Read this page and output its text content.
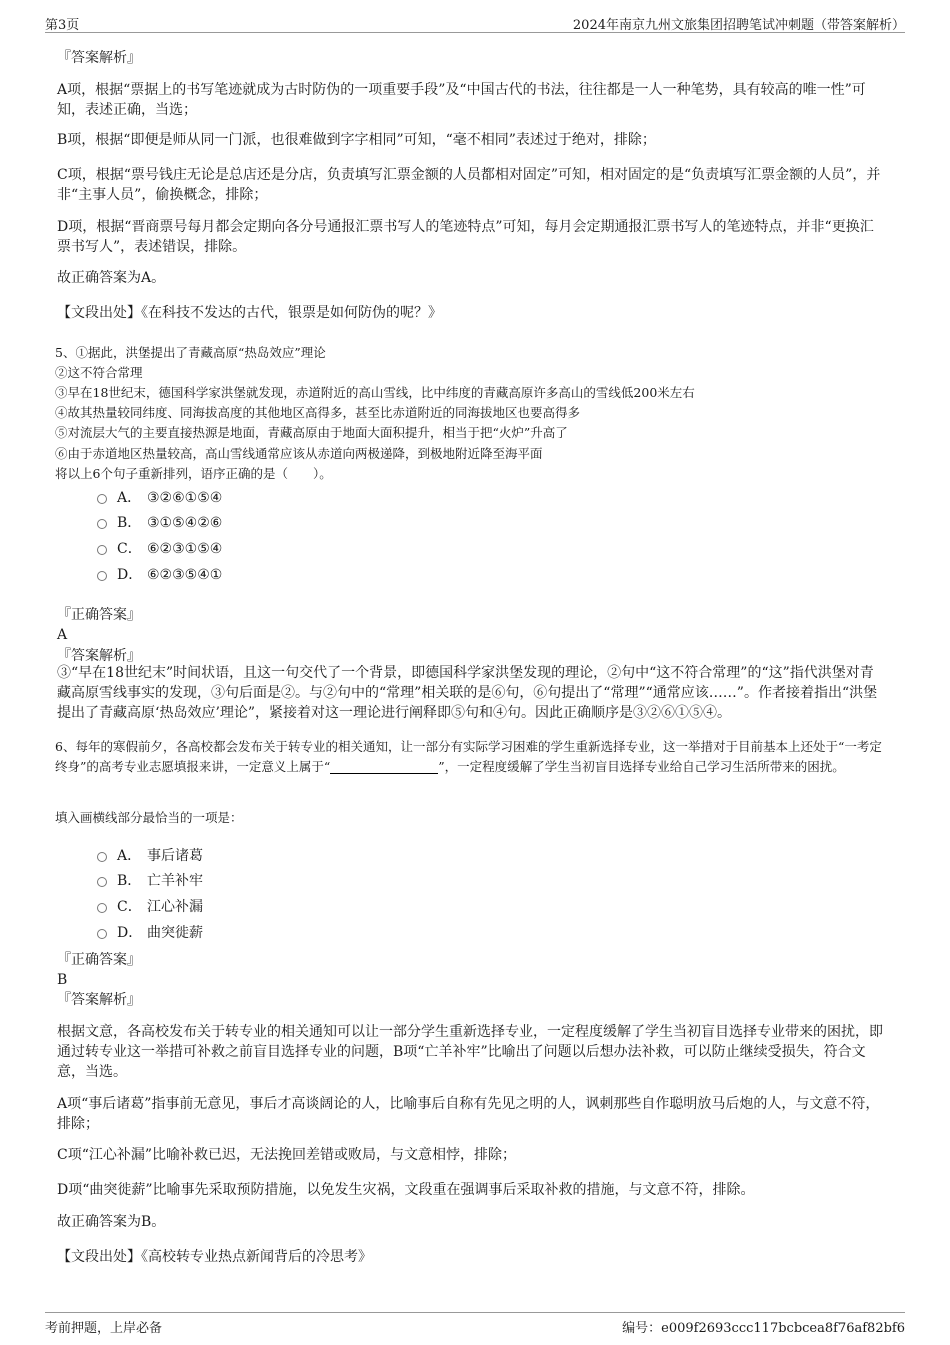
第3页	2024年南京九州文旅集团招聘笔试冲刺题（带答案解析）

『答案解析』

A项，根据“票据上的书写笔迹就成为古时防伪的一项重要手段”及“中国古代的书法，往往都是一人一种笔势，具有较高的唯一性”可知，表述正确，当选；

B项，根据“即便是师从同一门派，也很难做到字字相同”可知，“毫不相同”表述过于绝对，排除；

C项，根据“票号钱庄无论是总店还是分店，负责填写汇票金额的人员都相对固定”可知，相对固定的是“负责填写汇票金额的人员”，并非“主事人员”，偷换概念，排除；

D项，根据“晋商票号每月都会定期向各分号通报汇票书写人的笔迹特点”可知，每月会定期通报汇票书写人的笔迹特点，并非“更换汇票书写人”，表述错误，排除。

故正确答案为A。

【文段出处】《在科技不发达的古代，银票是如何防伪的呢？》

5、①据此，洪堡提出了青藏高原“热岛效应”理论

②这不符合常理

③早在18世纪末，德国科学家洪堡就发现，赤道附近的高山雪线，比中纬度的青藏高原许多高山的雪线低200米左右

④故其热量较同纬度、同海拔高度的其他地区高得多，甚至比赤道附近的同海拔地区也要高得多

⑤对流层大气的主要直接热源是地面，青藏高原由于地面大面积提升，相当于把“火炉”升高了

⑥由于赤道地区热量较高，高山雪线通常应该从赤道向两极递降，到极地附近降至海平面

将以上6个句子重新排列，语序正确的是（　　）。

A． ③②⑥①⑤④
B． ③①⑤④②⑥
C． ⑥②③①⑤④
D． ⑥②③⑤④①

『正确答案』

A

『答案解析』

③“早在18世纪末”时间状语，且这一句交代了一个背景，即德国科学家洪堡发现的理论，②句中“这不符合常理”的“这”指代洪堡对青藏高原雪线事实的发现，③句后面是②。与②句中的“常理”相关联的是⑥句，⑥句提出了“常理”“通常应该……”。作者接着指出“洪堡提出了青藏高原‘热岛效应’理论”，紧接着对这一理论进行阐释即⑤句和④句。因此正确顺序是③②⑥①⑤④。

6、每年的寒假前夕，各高校都会发布关于转专业的相关通知，让一部分有实际学习困难的学生重新选择专业，这一举措对于目前基本上还处于“一考定终身”的高考专业志愿填报来讲，一定意义上属于“	”，一定程度缓解了学生当初盲目选择专业给自己学习生活所带来的困扰。

填入画横线部分最恰当的一项是：

A． 事后诸葛
B． 亡羊补牢
C． 江心补漏
D． 曲突徙薪

『正确答案』

B

『答案解析』

根据文意，各高校发布关于转专业的相关通知可以让一部分学生重新选择专业，一定程度缓解了学生当初盲目选择专业带来的困扰，即通过转专业这一举措可补救之前盲目选择专业的问题，B项“亡羊补牢”比喻出了问题以后想办法补救，可以防止继续受损失，符合文意，当选。

A项“事后诸葛”指事前无意见，事后才高谈阔论的人，比喻事后自称有先见之明的人，讽刺那些自作聪明放马后炮的人，与文意不符，排除；

C项“江心补漏”比喻补救已迟，无法挽回差错或败局，与文意相悖，排除；

D项“曲突徙薪”比喻事先采取预防措施，以免发生灾祸，文段重在强调事后采取补救的措施，与文意不符，排除。

故正确答案为B。

【文段出处】《高校转专业热点新闻背后的冷思考》

考前押题，上岸必备	编号：e009f2693ccc117bcbcea8f76af82bf6
